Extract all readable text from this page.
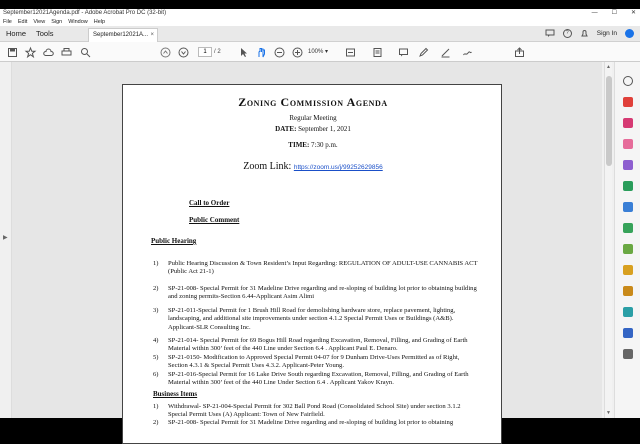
September12021Agenda.pdf - Adobe Acrobat Pro DC (32-bit)	— ☐ ✕
File Edit View Sign Window Help
Home Tools	September12021A... ×	?	Sign In
1	/ 2	100% ▾
▶
Zoning Commission Agenda
Regular Meeting
DATE: September 1, 2021
TIME: 7:30 p.m.
Zoom Link: https://zoom.us/j/99252629856
Call to Order
Public Comment
Public Hearing
1) Public Hearing Discussion & Town Resident’s Input Regarding: REGULATION OF ADULT-USE CANNABIS ACT (Public Act 21-1)
2) SP-21-008- Special Permit for 31 Madeline Drive regarding and re-sloping of building lot prior to obtaining building and zoning permits-Section 6.44-Applicant Asim Alimi
3) SP-21-011-Special Permit for 1 Brush Hill Road for demolishing hardware store, replace pavement, lighting, landscaping, and additional site improvements under section 4.1.2 Special Permit Uses or Buildings (A&B). Applicant-SLR Consulting Inc.
4) SP-21-014- Special Permit for 69 Bogus Hill Road regarding Excavation, Removal, Filling, and Grading of Earth Material within 300’ feet of the 440 Line under Section 6.4 . Applicant Paul E. Denaro.
5) SP-21-0150- Modification to Approved Special Permit 04-07 for 9 Dunham Drive-Uses Permitted as of Right, Section 4.3.1 & Special Permit Uses 4.3.2. Applicant-Peter Young.
6) SP-21-016-Special Permit for 16 Lake Drive South regarding Excavation, Removal, Filling, and Grading of Earth Material within 300’ feet of the 440 Line Under Section 6.4 . Applicant Yakov Krayn.
Business Items
1) Withdrawal- SP-21-004-Special Permit for 302 Ball Pond Road (Consolidated School Site) under section 3.1.2 Special Permit Uses (A) Applicant: Town of New Fairfield.
2) SP-21-008- Special Permit for 31 Madeline Drive regarding and re-sloping of building lot prior to obtaining
▲
▼
